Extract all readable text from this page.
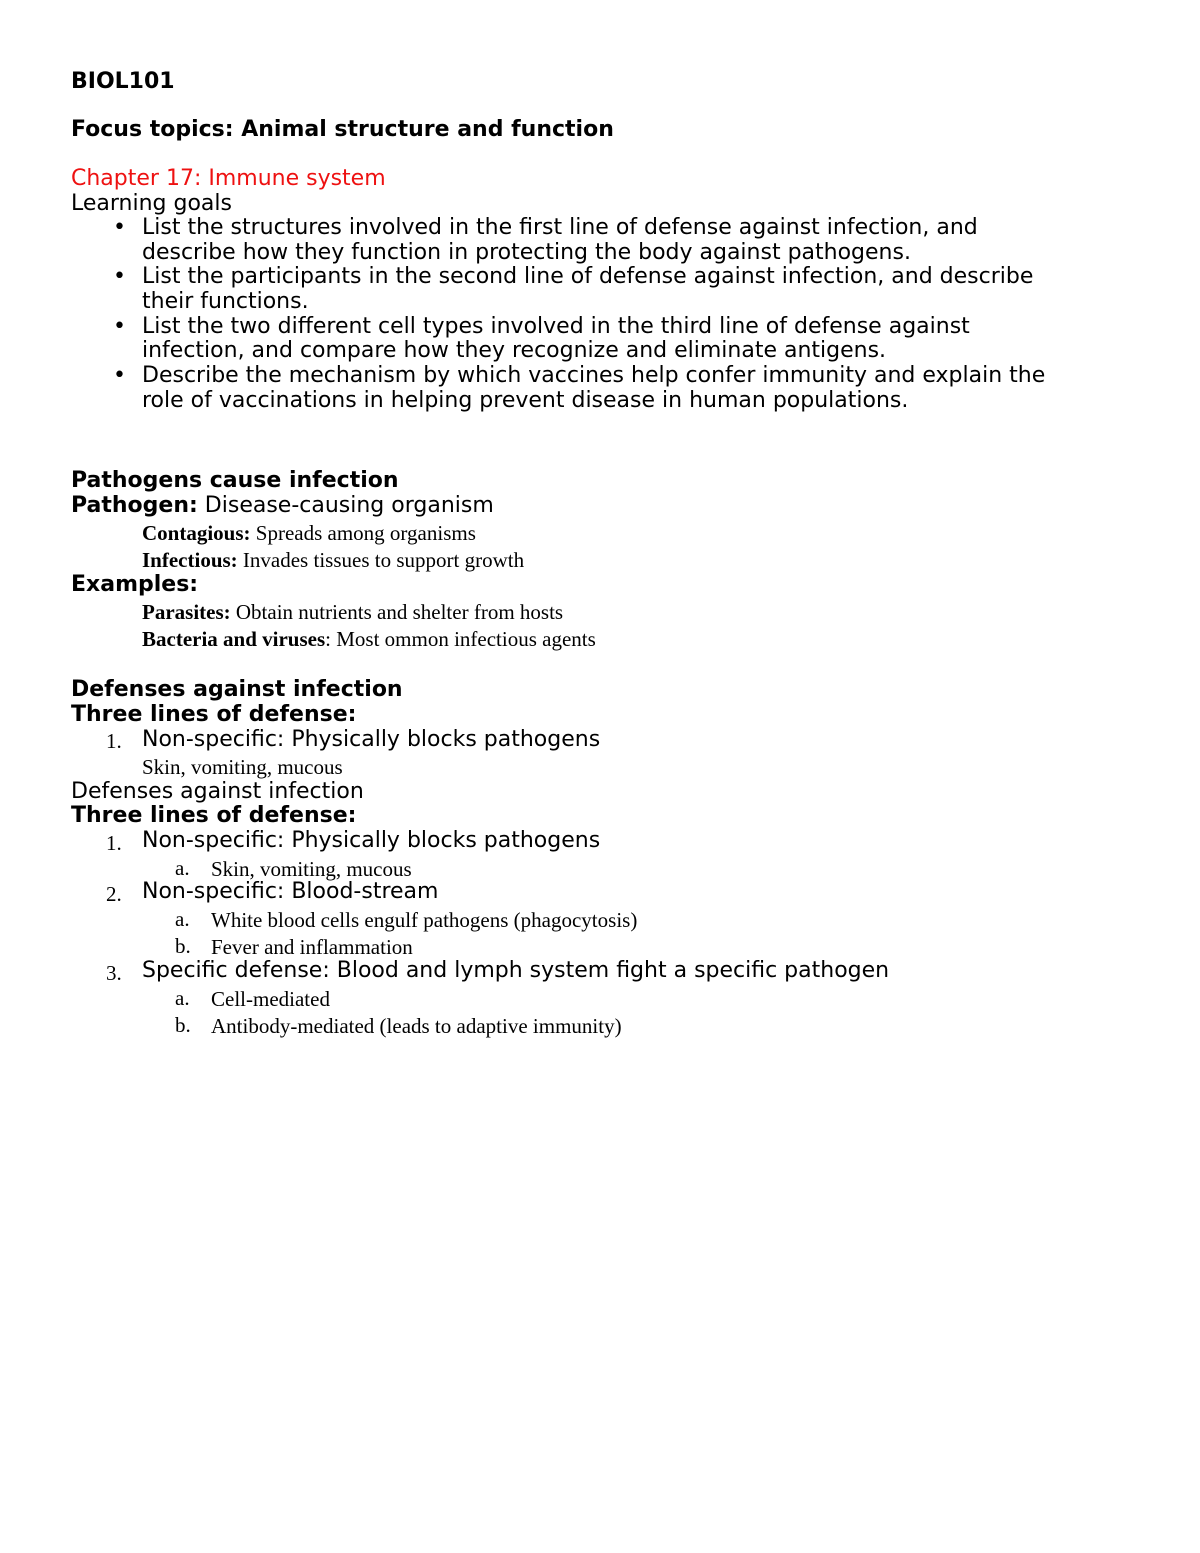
BIOL101
Focus topics: Animal structure and function
Chapter 17: Immune system
Learning goals
• List the structures involved in the first line of defense against infection, and
describe how they function in protecting the body against pathogens.
• List the participants in the second line of defense against infection, and describe
their functions.
• List the two different cell types involved in the third line of defense against
infection, and compare how they recognize and eliminate antigens.
• Describe the mechanism by which vaccines help confer immunity and explain the
role of vaccinations in helping prevent disease in human populations.
Pathogens cause infection
Pathogen: Disease-causing organism
Contagious: Spreads among organisms
Infectious: Invades tissues to support growth
Examples:
Parasites: Obtain nutrients and shelter from hosts
Bacteria and viruses: Most ommon infectious agents
Defenses against infection
Three lines of defense:
1. Non-specific: Physically blocks pathogens
Skin, vomiting, mucous
Defenses against infection
Three lines of defense:
1. Non-specific: Physically blocks pathogens
a. Skin, vomiting, mucous
2. Non-specific: Blood-stream
a. White blood cells engulf pathogens (phagocytosis)
b. Fever and inflammation
3. Specific defense: Blood and lymph system fight a specific pathogen
a. Cell-mediated
b. Antibody-mediated (leads to adaptive immunity)
